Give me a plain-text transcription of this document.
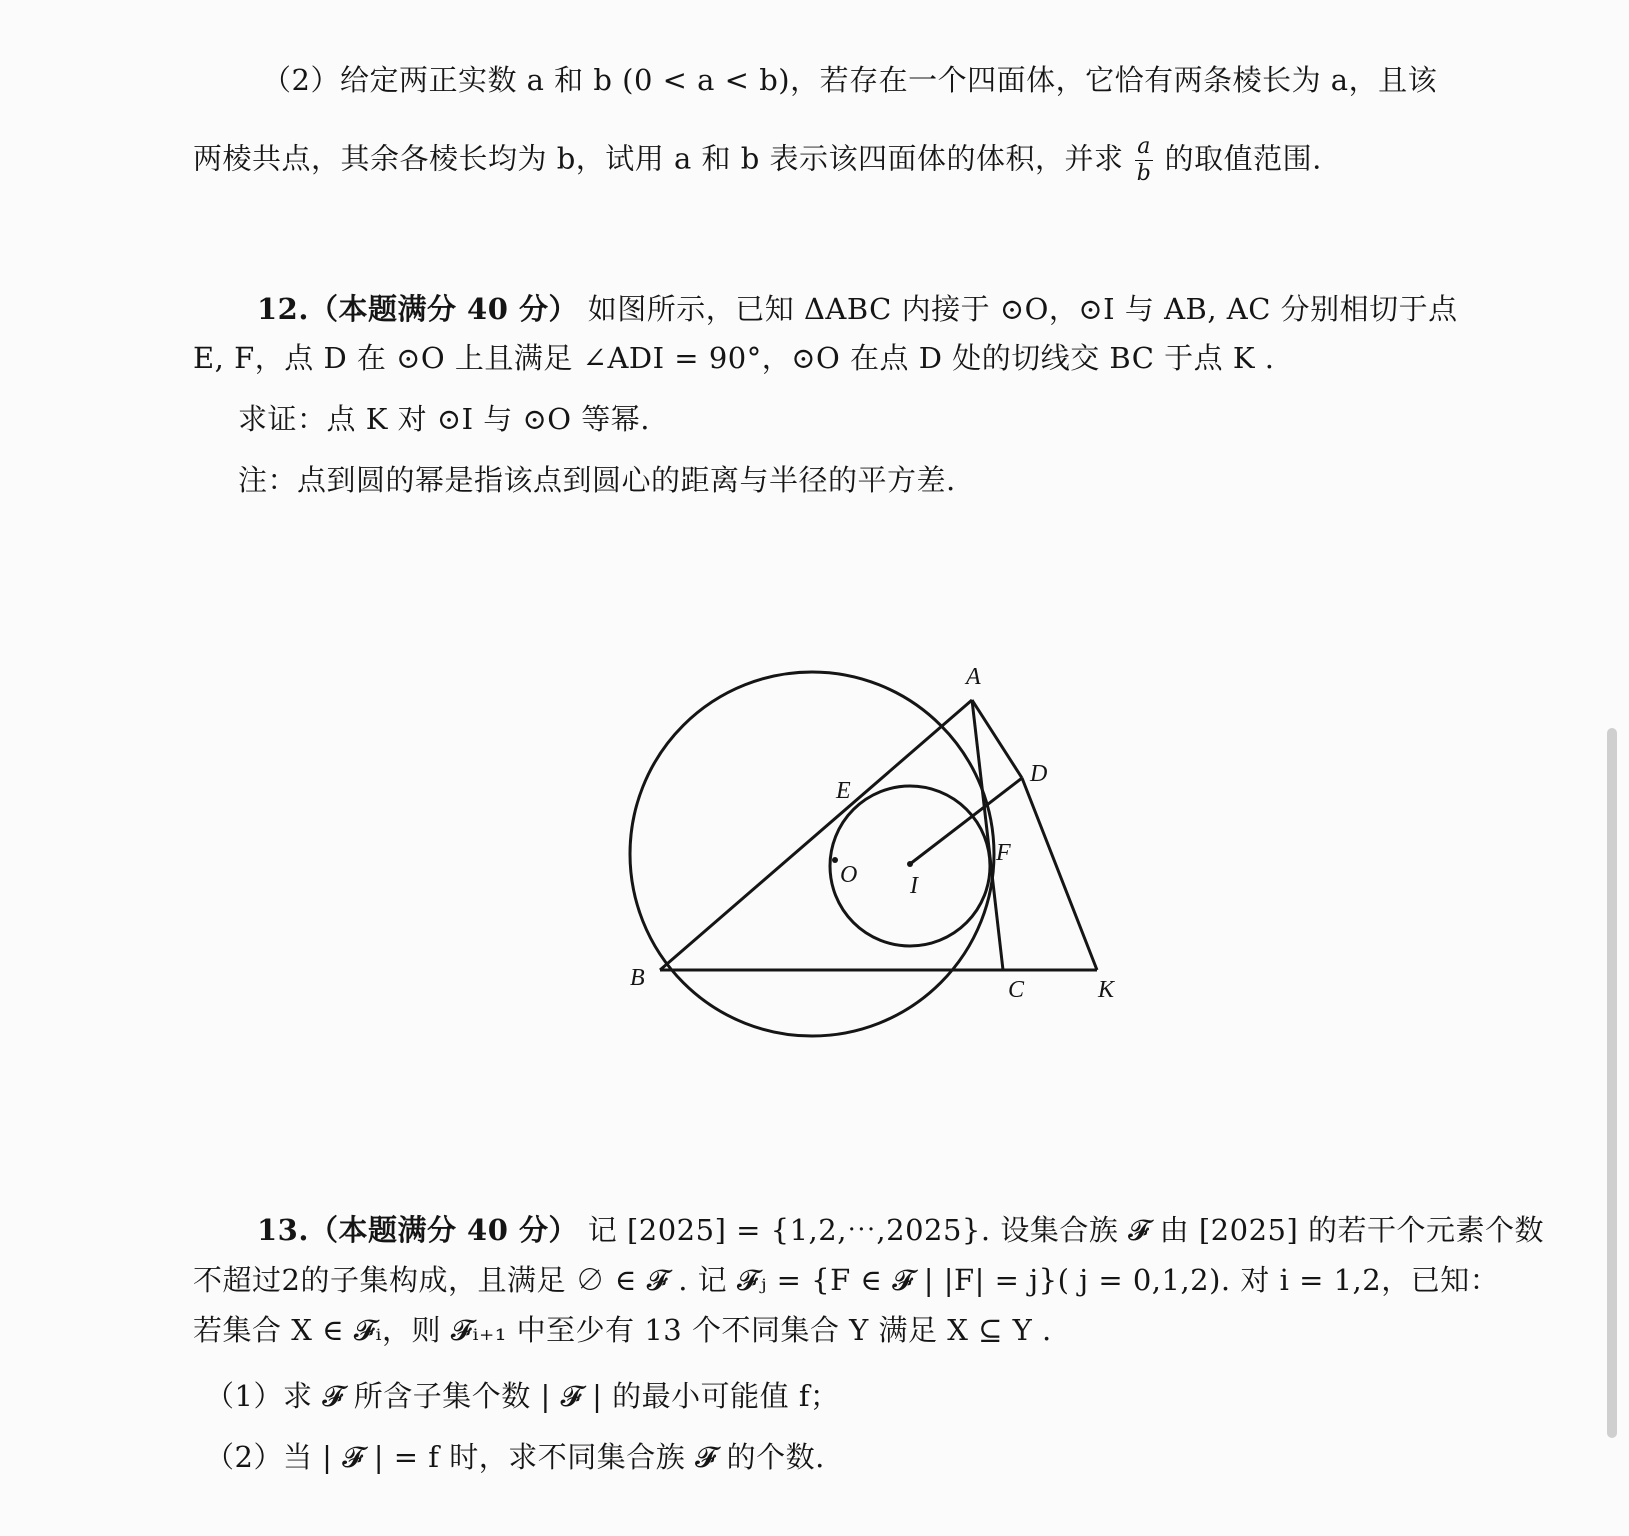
（2）给定两正实数 a 和 b (0 < a < b)，若存在一个四面体，它恰有两条棱长为 a，且该
两棱共点，其余各棱长均为 b，试用 a 和 b 表示该四面体的体积，并求 $\frac{a}{b}$ 的取值范围.
12.（本题满分 40 分） 如图所示，已知 ΔABC 内接于 ⊙O，⊙I 与 AB, AC 分别相切于点
E, F，点 D 在 ⊙O 上且满足 ∠ADI = 90°，⊙O 在点 D 处的切线交 BC 于点 K .
求证：点 K 对 ⊙I 与 ⊙O 等幂.
注：点到圆的幂是指该点到圆心的距离与半径的平方差.
A
D
E
F
O I
B	C	K
13.（本题满分 40 分） 记 [2025] = {1,2,⋯,2025}. 设集合族 𝓕 由 [2025] 的若干个元素个数
不超过2的子集构成，且满足 ∅ ∈ 𝓕 . 记 𝓕ⱼ = {F ∈ 𝓕 | |F| = j}( j = 0,1,2). 对 i = 1,2，已知：
若集合 X ∈ 𝓕ᵢ，则 𝓕ᵢ₊₁ 中至少有 13 个不同集合 Y 满足 X ⊆ Y .
（1）求 𝓕 所含子集个数 | 𝓕 | 的最小可能值 f；
（2）当 | 𝓕 | = f 时，求不同集合族 𝓕 的个数.
